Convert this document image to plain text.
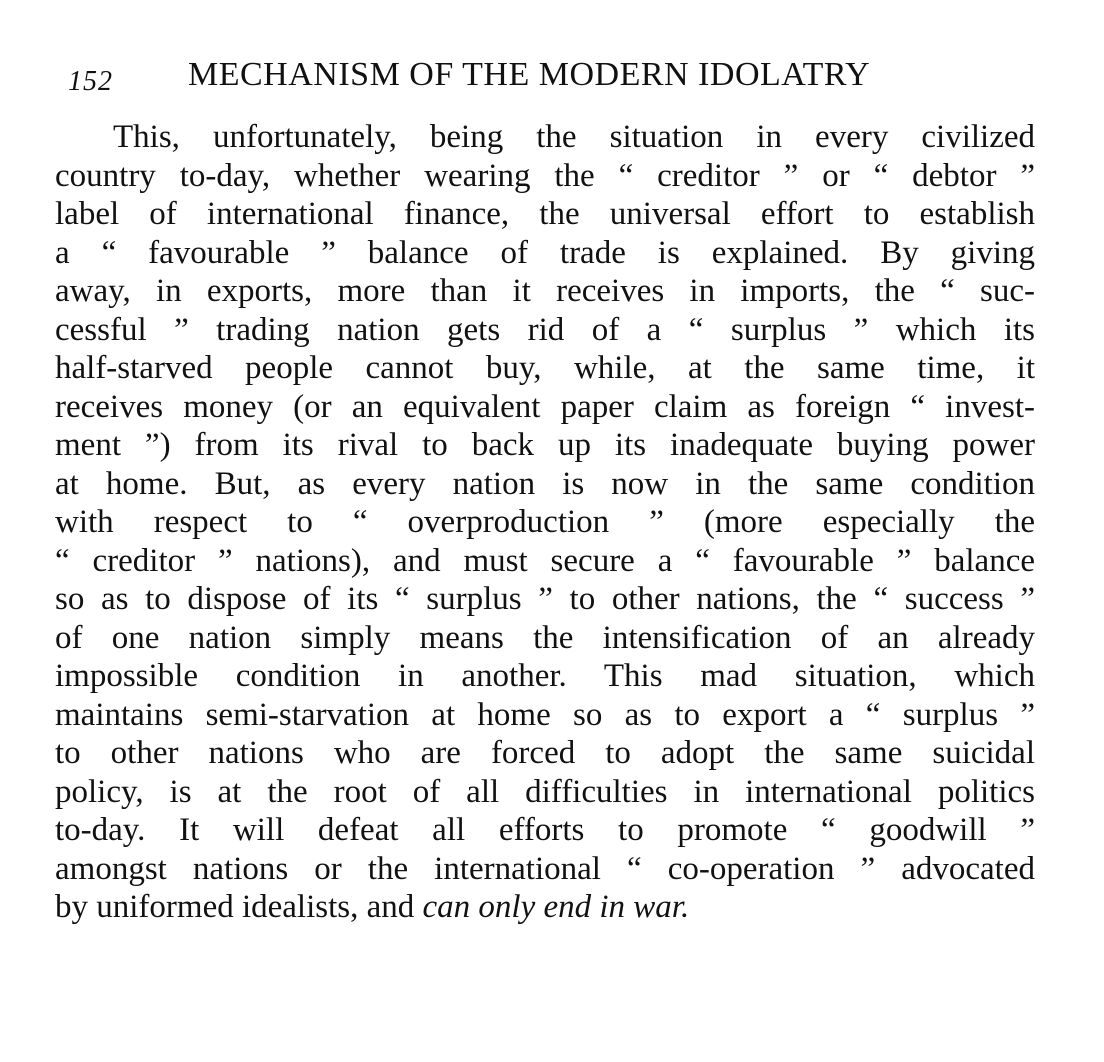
152 MECHANISM OF THE MODERN IDOLATRY
This, unfortunately, being the situation in every civilized
country to-day, whether wearing the “ creditor ” or “ debtor ”
label of international finance, the universal effort to establish
a “ favourable ” balance of trade is explained. By giving
away, in exports, more than it receives in imports, the “ suc-
cessful ” trading nation gets rid of a “ surplus ” which its
half-starved people cannot buy, while, at the same time, it
receives money (or an equivalent paper claim as foreign “ invest-
ment ”) from its rival to back up its inadequate buying power
at home. But, as every nation is now in the same condition
with respect to “ overproduction ” (more especially the
“ creditor ” nations), and must secure a “ favourable ” balance
so as to dispose of its “ surplus ” to other nations, the “ success ”
of one nation simply means the intensification of an already
impossible condition in another. This mad situation, which
maintains semi-starvation at home so as to export a “ surplus ”
to other nations who are forced to adopt the same suicidal
policy, is at the root of all difficulties in international politics
to-day. It will defeat all efforts to promote “ goodwill ”
amongst nations or the international “ co-operation ” advocated
by uniformed idealists, and can only end in war.
